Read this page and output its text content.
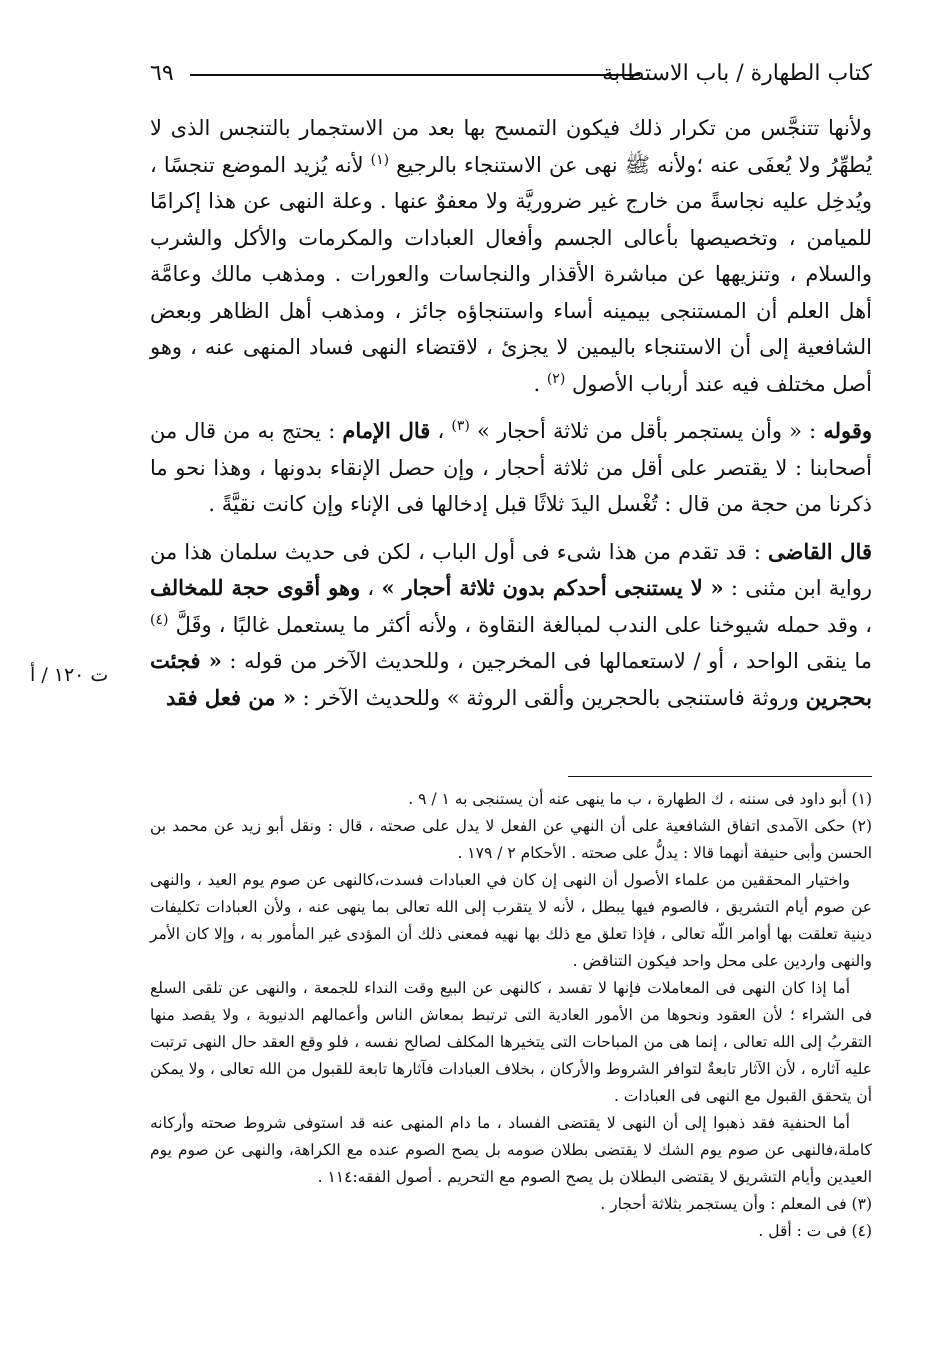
كتاب الطهارة / باب الاستطابة
٦٩

ولأنها تتنجَّس من تكرار ذلك فيكون التمسح بها بعد من الاستجمار بالتنجس الذى لا يُطهِّرُ ولا يُعفَى عنه ؛ولأنه ﷺ نهى عن الاستنجاء بالرجيع $^{(١)}$ لأنه يُزيد الموضع تنجسًا ، ويُدخِل عليه نجاسةً من خارج غير ضروريَّة ولا معفوٌ عنها . وعلة النهى عن هذا إكرامًا للميامن ، وتخصيصها بأعالى الجسم وأفعال العبادات والمكرمات والأكل والشرب والسلام ، وتنزيهها عن مباشرة الأقذار والنجاسات والعورات . ومذهب مالك وعامَّة أهل العلم أن المستنجى بيمينه أساء واستنجاؤه جائز ، ومذهب أهل الظاهر وبعض الشافعية إلى أن الاستنجاء باليمين لا يجزئ ، لاقتضاء النهى فساد المنهى عنه ، وهو أصل مختلف فيه عند أرباب الأصول $^{(٢)}$ .

وقوله : « وأن يستجمر بأقل من ثلاثة أحجار » $^{(٣)}$ ، قال الإمام : يحتج به من قال من أصحابنا : لا يقتصر على أقل من ثلاثة أحجار ، وإن حصل الإنقاء بدونها ، وهذا نحو ما ذكرنا من حجة من قال : تُغْسل اليدَ ثلاثًا قبل إدخالها فى الإناء وإن كانت نقيَّةً .

قال القاضى : قد تقدم من هذا شىء فى أول الباب ، لكن فى حديث سلمان هذا من رواية ابن مثنى : « لا يستنجى أحدكم بدون ثلاثة أحجار » ، وهو أقوى حجة للمخالف ، وقد حمله شيوخنا على الندب لمبالغة النقاوة ، ولأنه أكثر ما يستعمل غالبًا ، وقَلَّ $^{(٤)}$ ما ينقى الواحد ، أو / لاستعمالها فى المخرجين ، وللحديث الآخر من قوله : « فجئت بحجرين وروثة فاستنجى بالحجرين وألقى الروثة » وللحديث الآخر : « من فعل فقد

ت ١٢٠ / أ

(١) أبو داود فى سننه ، ك الطهارة ، ب ما ينهى عنه أن يستنجى به ١ / ٩ .

(٢) حكى الآمدى اتفاق الشافعية على أن النهي عن الفعل لا يدل على صحته ، قال : ونقل أبو زيد عن محمد بن الحسن وأبى حنيفة أنهما قالا : يدلُّ على صحته . الأحكام ٢ / ١٧٩ .

واختيار المحققين من علماء الأصول أن النهى إن كان في العبادات فسدت،كالنهى عن صوم يوم العيد ، والنهى عن صوم أيام التشريق ، فالصوم فيها يبطل ، لأنه لا يتقرب إلى الله تعالى بما ينهى عنه ، ولأن العبادات تكليفات دينية تعلقت بها أوامر اللّه تعالى ، فإذا تعلق مع ذلك بها نهيه فمعنى ذلك أن المؤدى غير المأمور به ، وإلا كان الأمر والنهى واردين على محل واحد فيكون التناقض .

أما إذا كان النهى فى المعاملات فإنها لا تفسد ، كالنهى عن البيع وقت النداء للجمعة ، والنهى عن تلقى السلع فى الشراء ؛ لأن العقود ونحوها من الأمور العادية التى ترتبط بمعاش الناس وأعمالهم الدنيوية ، ولا يقصد منها التقربُ إلى الله تعالى ، إنما هى من المباحات التى يتخيرها المكلف لصالح نفسه ، فلو وقع العقد حال النهى ترتبت عليه آثاره ، لأن الآثار تابعةٌ لتوافر الشروط والأركان ، بخلاف العبادات فآثارها تابعة للقبول من الله تعالى ، ولا يمكن أن يتحقق القبول مع النهى فى العبادات .

أما الحنفية فقد ذهبوا إلى أن النهى لا يقتضى الفساد ، ما دام المنهى عنه قد استوفى شروط صحته وأركانه كاملة،فالنهى عن صوم يوم الشك لا يقتضى بطلان صومه بل يصح الصوم عنده مع الكراهة، والنهى عن صوم يوم العيدين وأيام التشريق لا يقتضى البطلان بل يصح الصوم مع التحريم . أصول الفقه:١١٤ .

(٣) فى المعلم : وأن يستجمر بثلاثة أحجار .

(٤) فى ت : أقل .
